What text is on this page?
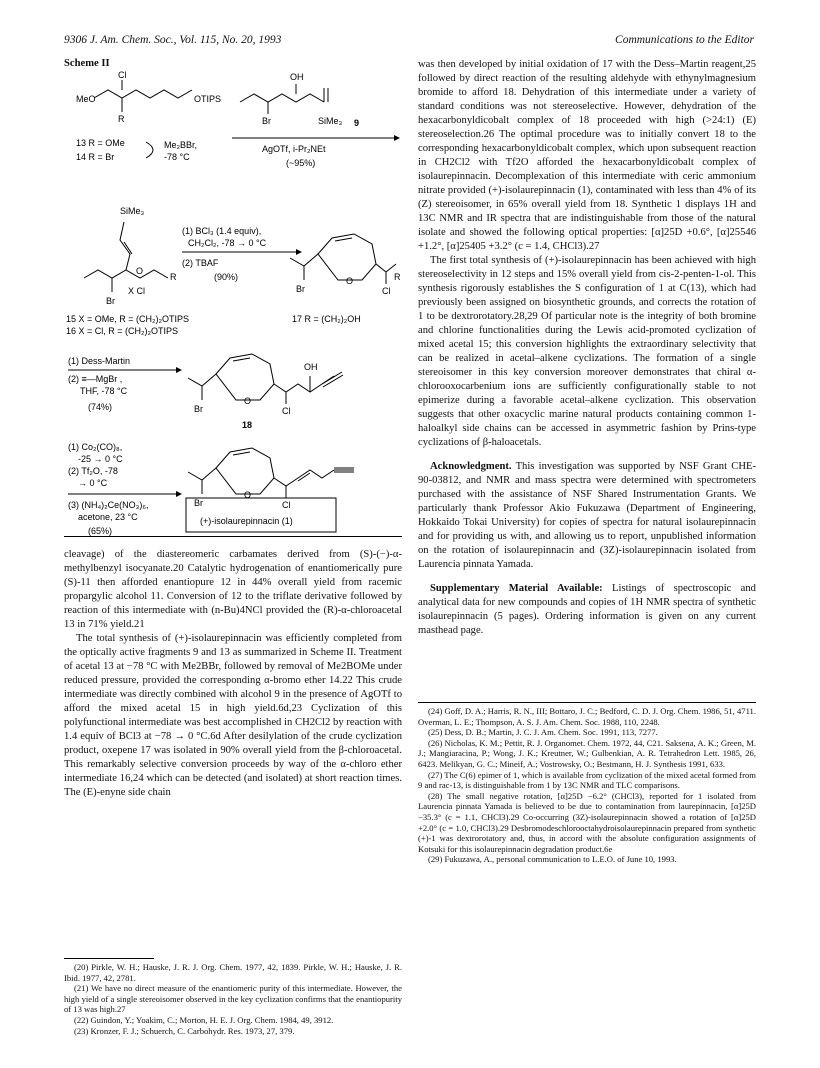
9306 J. Am. Chem. Soc., Vol. 115, No. 20, 1993	Communications to the Editor
Scheme II
MeO
Cl
OTIPS
R
OH
Br	SiMe₃ 9
13 R = OMe
14 R = Br
Me₂BBr,
-78 °C
AgOTf, i-Pr₂NEt
(~95%)
SiMe₃
O
R
X Cl
Br
(1) BCl₃ (1.4 equiv),
CH₂Cl₂, -78 → 0 °C
(2) TBAF
(90%)	O
Br	Cl
R
15 X = OMe, R = (CH₂)₂OTIPS
16 X = Cl, R = (CH₂)₂OTIPS
17 R = (CH₂)₂OH
(1) Dess-Martin
(2) ≡—MgBr ,
THF, -78 °C
(74%)
OH
O
Br	Cl
18
(1) Co₂(CO)₈,
-25 → 0 °C
(2) Tf₂O, -78
→ 0 °C
(3) (NH₄)₂Ce(NO₃)₆,
acetone, 23 °C
(65%)
O
Br	Cl
(+)-isolaurepinnacin (1)

cleavage) of the diastereomeric carbamates derived from (S)-(−)-α-methylbenzyl isocyanate.20 Catalytic hydrogenation of enantiomerically pure (S)-11 then afforded enantiopure 12 in 44% overall yield from racemic propargylic alcohol 11. Conversion of 12 to the triflate derivative followed by reaction of this intermediate with (n-Bu)4NCl provided the (R)-α-chloroacetal 13 in 71% yield.21

The total synthesis of (+)-isolaurepinnacin was efficiently completed from the optically active fragments 9 and 13 as summarized in Scheme II. Treatment of acetal 13 at −78 °C with Me2BBr, followed by removal of Me2BOMe under reduced pressure, provided the corresponding α-bromo ether 14.22 This crude intermediate was directly combined with alcohol 9 in the presence of AgOTf to afford the mixed acetal 15 in high yield.6d,23 Cyclization of this polyfunctional intermediate was best accomplished in CH2Cl2 by reaction with 1.4 equiv of BCl3 at −78 → 0 °C.6d After desilylation of the crude cyclization product, oxepene 17 was isolated in 90% overall yield from the β-chloroacetal. This remarkably selective conversion proceeds by way of the α-chloro ether intermediate 16,24 which can be detected (and isolated) at short reaction times. The (E)-enyne side chain

(20) Pirkle, W. H.; Hauske, J. R. J. Org. Chem. 1977, 42, 1839. Pirkle, W. H.; Hauske, J. R. Ibid. 1977, 42, 2781.

(21) We have no direct measure of the enantiomeric purity of this intermediate. However, the high yield of a single stereoisomer observed in the key cyclization confirms that the enantiopurity of 13 was high.27

(22) Guindon, Y.; Yoakim, C.; Morton, H. E. J. Org. Chem. 1984, 49, 3912.

(23) Kronzer, F. J.; Schuerch, C. Carbohydr. Res. 1973, 27, 379.

was then developed by initial oxidation of 17 with the Dess–Martin reagent,25 followed by direct reaction of the resulting aldehyde with ethynylmagnesium bromide to afford 18. Dehydration of this intermediate under a variety of standard conditions was not stereoselective. However, dehydration of the hexacarbonyldicobalt complex of 18 proceeded with high (>24:1) (E) stereoselection.26 The optimal procedure was to initially convert 18 to the corresponding hexacarbonyldicobalt complex, which upon subsequent reaction in CH2Cl2 with Tf2O afforded the hexacarbonyldicobalt complex of isolaurepinnacin. Decomplexation of this intermediate with ceric ammonium nitrate provided (+)-isolaurepinnacin (1), contaminated with less than 4% of its (Z) stereoisomer, in 65% overall yield from 18. Synthetic 1 displays 1H and 13C NMR and IR spectra that are indistinguishable from those of the natural isolate and showed the following optical properties: [α]25D +0.6°, [α]25546 +1.2°, [α]25405 +3.2° (c = 1.4, CHCl3).27

The first total synthesis of (+)-isolaurepinnacin has been achieved with high stereoselectivity in 12 steps and 15% overall yield from cis-2-penten-1-ol. This synthesis rigorously establishes the S configuration of 1 at C(13), which had previously been assigned on biosynthetic grounds, and corrects the rotation of 1 to be dextrorotatory.28,29 Of particular note is the integrity of both bromine and chlorine functionalities during the Lewis acid-promoted cyclization of mixed acetal 15; this conversion highlights the extraordinary selectivity that can be realized in acetal–alkene cyclizations. The formation of a single stereoisomer in this key conversion moreover demonstrates that chiral α-chlorooxocarbenium ions are sufficiently configurationally stable to not epimerize during a favorable acetal–alkene cyclization. This observation suggests that other oxacyclic marine natural products containing common 1-haloalkyl side chains can be accessed in asymmetric fashion by Prins-type cyclizations of β-haloacetals.

Acknowledgment. This investigation was supported by NSF Grant CHE-90-03812, and NMR and mass spectra were determined with spectrometers purchased with the assistance of NSF Shared Instrumentation Grants. We particularly thank Professor Akio Fukuzawa (Department of Engineering, Hokkaido Tokai University) for copies of spectra for natural isolaurepinnacin and for providing us with, and allowing us to report, unpublished information on the rotation of isolaurepinnacin and (3Z)-isolaurepinnacin isolated from Laurencia pinnata Yamada.

Supplementary Material Available: Listings of spectroscopic and analytical data for new compounds and copies of 1H NMR spectra of synthetic isolaurepinnacin (5 pages). Ordering information is given on any current masthead page.

(24) Goff, D. A.; Harris, R. N., III; Bottaro, J. C.; Bedford, C. D. J. Org. Chem. 1986, 51, 4711. Overman, L. E.; Thompson, A. S. J. Am. Chem. Soc. 1988, 110, 2248.

(25) Dess, D. B.; Martin, J. C. J. Am. Chem. Soc. 1991, 113, 7277.

(26) Nicholas, K. M.; Pettit, R. J. Organomet. Chem. 1972, 44, C21. Saksena, A. K.; Green, M. J.; Mangiaracina, P.; Wong, J. K.; Kreutner, W.; Gulbenkian, A. R. Tetrahedron Lett. 1985, 26, 6423. Melikyan, G. C.; Mineif, A.; Vostrowsky, O.; Bestmann, H. J. Synthesis 1991, 633.

(27) The C(6) epimer of 1, which is available from cyclization of the mixed acetal formed from 9 and rac-13, is distinguishable from 1 by 13C NMR and TLC comparisons.

(28) The small negative rotation, [α]25D −6.2° (CHCl3), reported for 1 isolated from Laurencia pinnata Yamada is believed to be due to contamination from laurepinnacin, [α]25D −35.3° (c = 1.1, CHCl3).29 Co-occurring (3Z)-isolaurepinnacin showed a rotation of [α]25D +2.0° (c = 1.0, CHCl3).29 Desbromodeschlorooctahydroisolaurepinnacin prepared from synthetic (+)-1 was dextrorotatory and, thus, in accord with the absolute configuration assignments of Kotsuki for this isolaurepinnacin degradation product.6e

(29) Fukuzawa, A., personal communication to L.E.O. of June 10, 1993.
